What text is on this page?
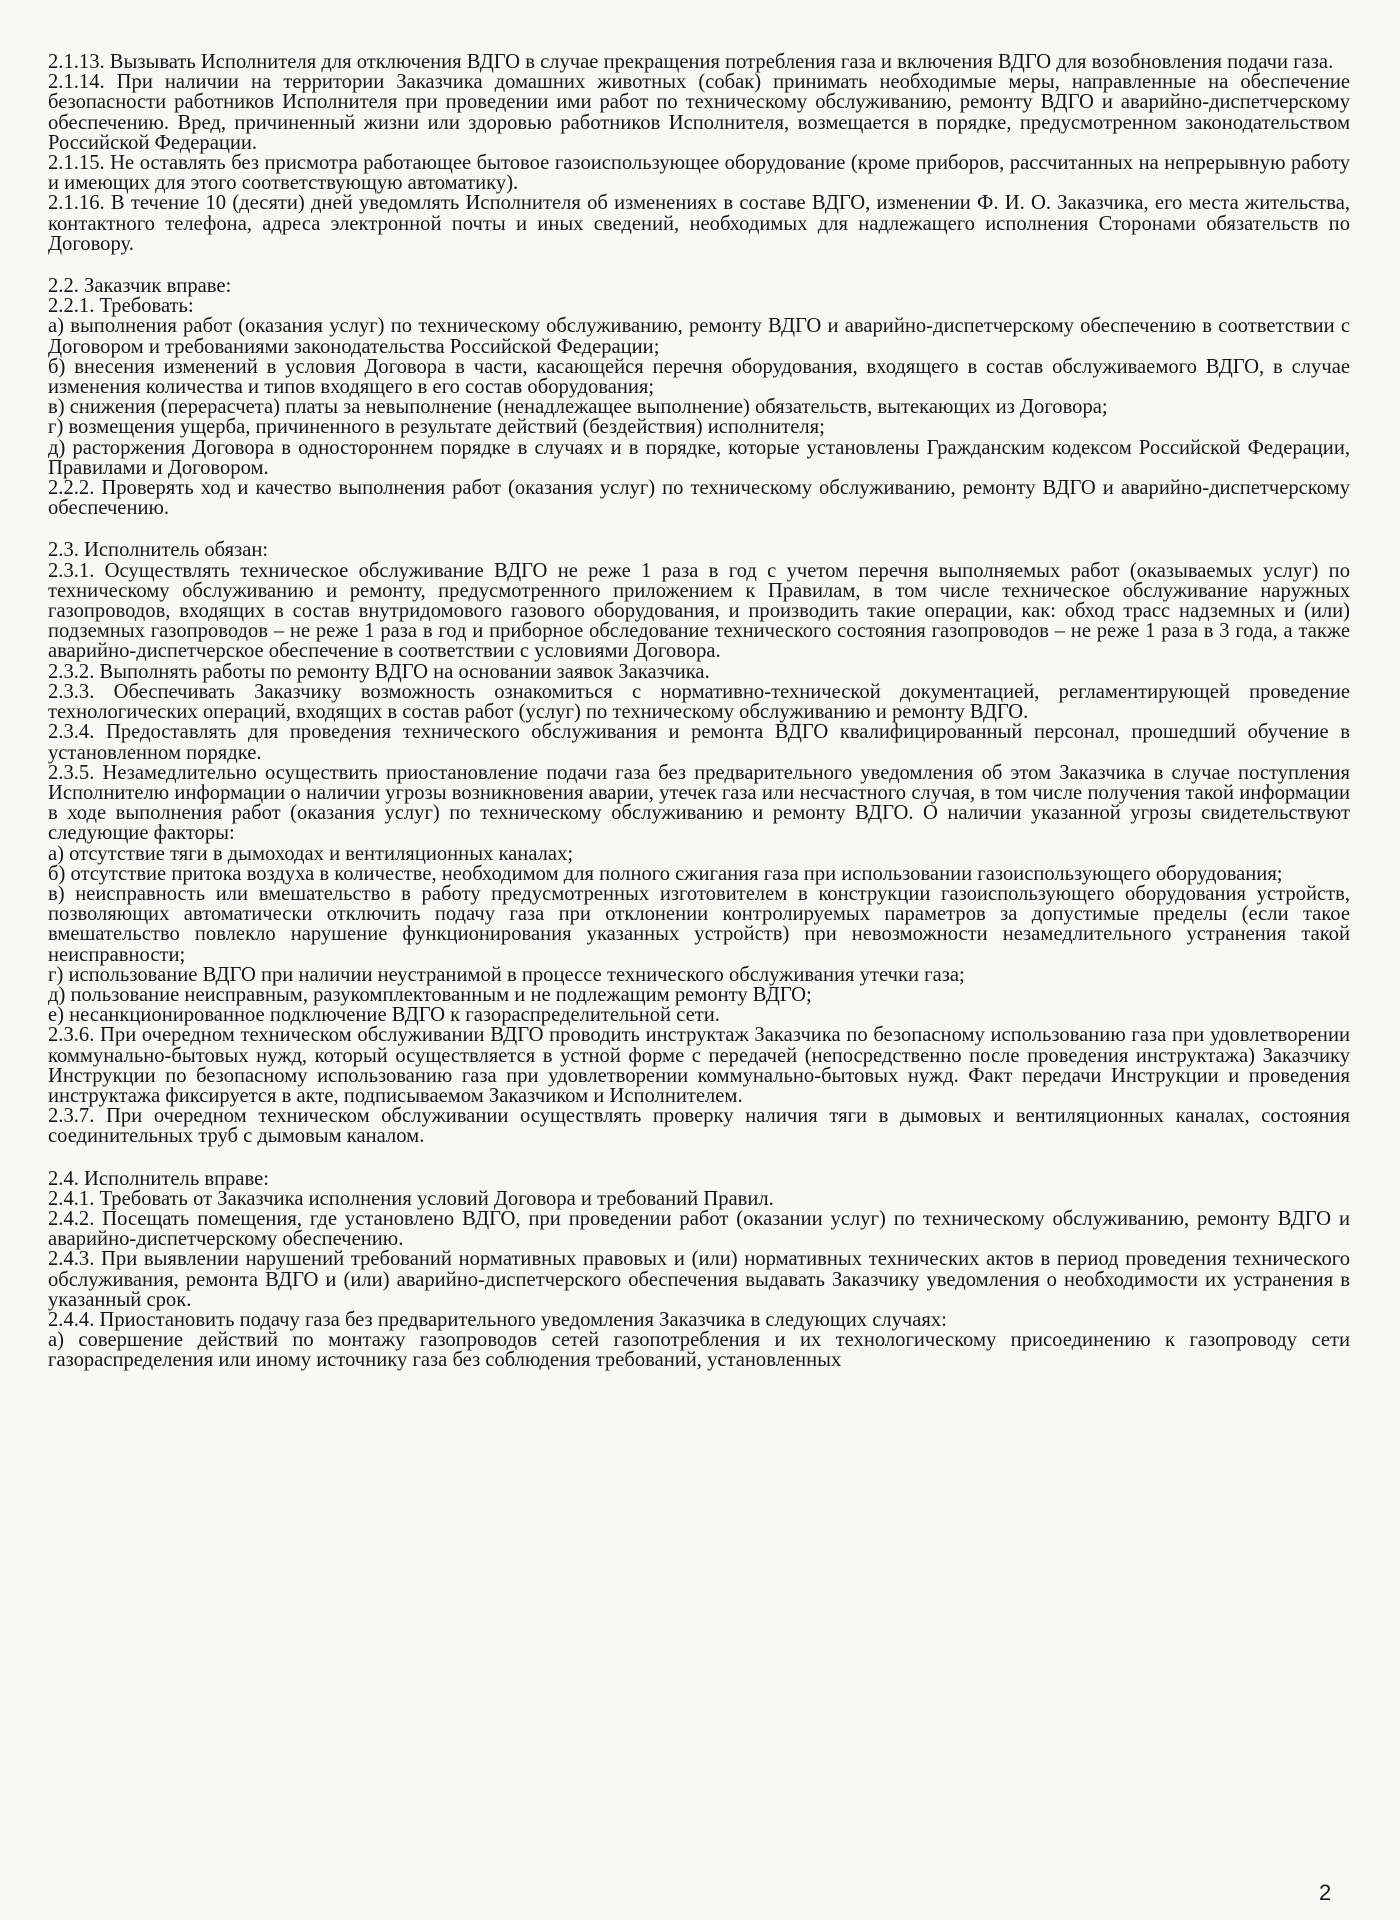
2.1.13. Вызывать Исполнителя для отключения ВДГО в случае прекращения потребления газа и включения ВДГО для возобновления подачи газа.

2.1.14. При наличии на территории Заказчика домашних животных (собак) принимать необходимые меры, направленные на обеспечение безопасности работников Исполнителя при проведении ими работ по техническому обслуживанию, ремонту ВДГО и аварийно-диспетчерскому обеспечению. Вред, причиненный жизни или здоровью работников Исполнителя, возмещается в порядке, предусмотренном законодательством Российской Федерации.

2.1.15. Не оставлять без присмотра работающее бытовое газоиспользующее оборудование (кроме приборов, рассчитанных на непрерывную работу и имеющих для этого соответствующую автоматику).

2.1.16. В течение 10 (десяти) дней уведомлять Исполнителя об изменениях в составе ВДГО, изменении Ф. И. О. Заказчика, его места жительства, контактного телефона, адреса электронной почты и иных сведений, необходимых для надлежащего исполнения Сторонами обязательств по Договору.

2.2. Заказчик вправе:

2.2.1. Требовать:

а) выполнения работ (оказания услуг) по техническому обслуживанию, ремонту ВДГО и аварийно-диспетчерскому обеспечению в соответствии с Договором и требованиями законодательства Российской Федерации;

б) внесения изменений в условия Договора в части, касающейся перечня оборудования, входящего в состав обслуживаемого ВДГО, в случае изменения количества и типов входящего в его состав оборудования;

в) снижения (перерасчета) платы за невыполнение (ненадлежащее выполнение) обязательств, вытекающих из Договора;

г) возмещения ущерба, причиненного в результате действий (бездействия) исполнителя;

д) расторжения Договора в одностороннем порядке в случаях и в порядке, которые установлены Гражданским кодексом Российской Федерации, Правилами и Договором.

2.2.2. Проверять ход и качество выполнения работ (оказания услуг) по техническому обслуживанию, ремонту ВДГО и аварийно-диспетчерскому обеспечению.

2.3. Исполнитель обязан:

2.3.1. Осуществлять техническое обслуживание ВДГО не реже 1 раза в год с учетом перечня выполняемых работ (оказываемых услуг) по техническому обслуживанию и ремонту, предусмотренного приложением к Правилам, в том числе техническое обслуживание наружных газопроводов, входящих в состав внутридомового газового оборудования, и производить такие операции, как: обход трасс надземных и (или) подземных газопроводов – не реже 1 раза в год и приборное обследование технического состояния газопроводов – не реже 1 раза в 3 года, а также аварийно-диспетчерское обеспечение в соответствии с условиями Договора.

2.3.2. Выполнять работы по ремонту ВДГО на основании заявок Заказчика.

2.3.3. Обеспечивать Заказчику возможность ознакомиться с нормативно-технической документацией, регламентирующей проведение технологических операций, входящих в состав работ (услуг) по техническому обслуживанию и ремонту ВДГО.

2.3.4. Предоставлять для проведения технического обслуживания и ремонта ВДГО квалифицированный персонал, прошедший обучение в установленном порядке.

2.3.5. Незамедлительно осуществить приостановление подачи газа без предварительного уведомления об этом Заказчика в случае поступления Исполнителю информации о наличии угрозы возникновения аварии, утечек газа или несчастного случая, в том числе получения такой информации в ходе выполнения работ (оказания услуг) по техническому обслуживанию и ремонту ВДГО. О наличии указанной угрозы свидетельствуют следующие факторы:

а) отсутствие тяги в дымоходах и вентиляционных каналах;

б) отсутствие притока воздуха в количестве, необходимом для полного сжигания газа при использовании газоиспользующего оборудования;

в) неисправность или вмешательство в работу предусмотренных изготовителем в конструкции газоиспользующего оборудования устройств, позволяющих автоматически отключить подачу газа при отклонении контролируемых параметров за допустимые пределы (если такое вмешательство повлекло нарушение функционирования указанных устройств) при невозможности незамедлительного устранения такой неисправности;

г) использование ВДГО при наличии неустранимой в процессе технического обслуживания утечки газа;

д) пользование неисправным, разукомплектованным и не подлежащим ремонту ВДГО;

е) несанкционированное подключение ВДГО к газораспределительной сети.

2.3.6. При очередном техническом обслуживании ВДГО проводить инструктаж Заказчика по безопасному использованию газа при удовлетворении коммунально-бытовых нужд, который осуществляется в устной форме с передачей (непосредственно после проведения инструктажа) Заказчику Инструкции по безопасному использованию газа при удовлетворении коммунально-бытовых нужд. Факт передачи Инструкции и проведения инструктажа фиксируется в акте, подписываемом Заказчиком и Исполнителем.

2.3.7. При очередном техническом обслуживании осуществлять проверку наличия тяги в дымовых и вентиляционных каналах, состояния соединительных труб с дымовым каналом.

2.4. Исполнитель вправе:

2.4.1. Требовать от Заказчика исполнения условий Договора и требований Правил.

2.4.2. Посещать помещения, где установлено ВДГО, при проведении работ (оказании услуг) по техническому обслуживанию, ремонту ВДГО и аварийно-диспетчерскому обеспечению.

2.4.3. При выявлении нарушений требований нормативных правовых и (или) нормативных технических актов в период проведения технического обслуживания, ремонта ВДГО и (или) аварийно-диспетчерского обеспечения выдавать Заказчику уведомления о необходимости их устранения в указанный срок.

2.4.4. Приостановить подачу газа без предварительного уведомления Заказчика в следующих случаях:

а) совершение действий по монтажу газопроводов сетей газопотребления и их технологическому присоединению к газопроводу сети газораспределения или иному источнику газа без соблюдения требований, установленных

2
